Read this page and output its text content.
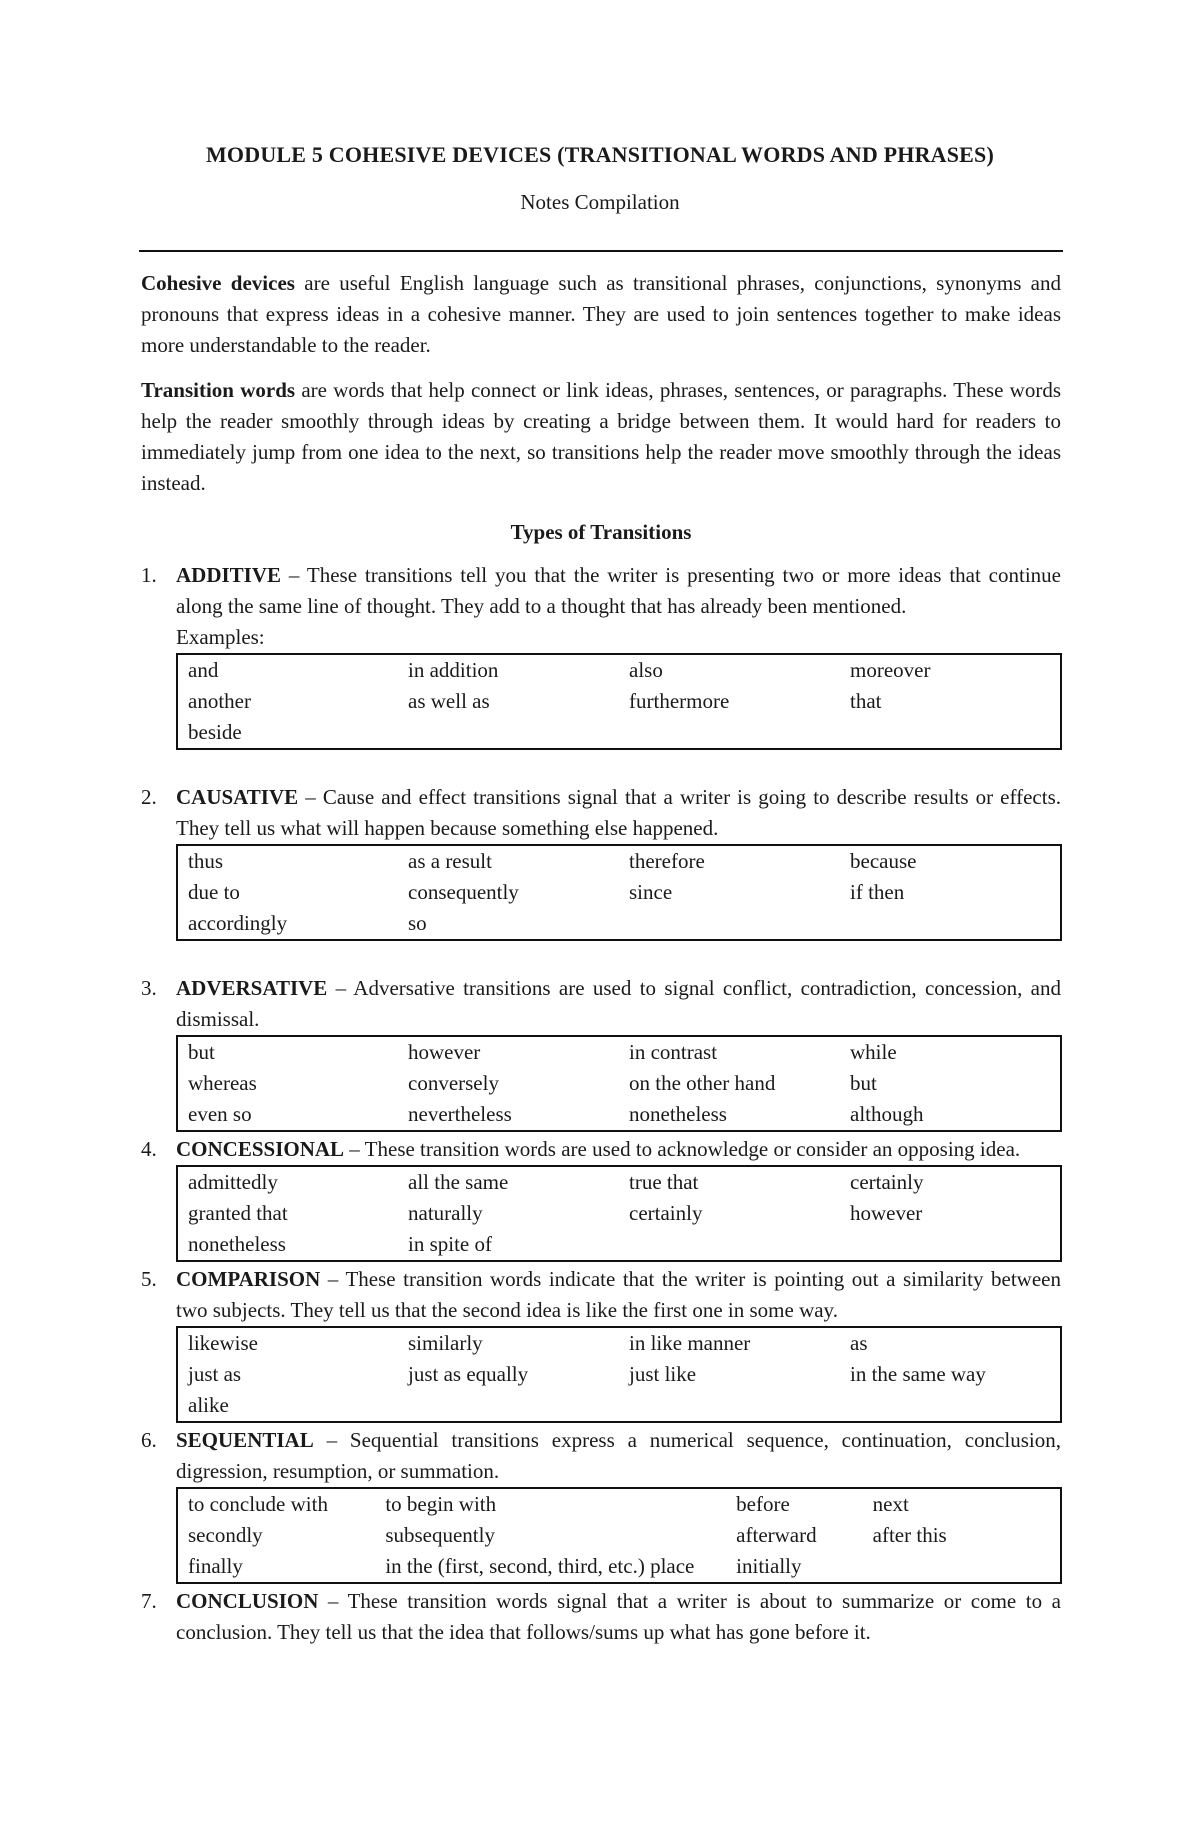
MODULE 5 COHESIVE DEVICES (TRANSITIONAL WORDS AND PHRASES)
Notes Compilation

Cohesive devices are useful English language such as transitional phrases, conjunctions, synonyms and pronouns that express ideas in a cohesive manner. They are used to join sentences together to make ideas more understandable to the reader.

Transition words are words that help connect or link ideas, phrases, sentences, or paragraphs. These words help the reader smoothly through ideas by creating a bridge between them. It would hard for readers to immediately jump from one idea to the next, so transitions help the reader move smoothly through the ideas instead.

Types of Transitions
1. ADDITIVE – These transitions tell you that the writer is presenting two or more ideas that continue along the same line of thought. They add to a thought that has already been mentioned.

Examples:
and	in addition	also	moreover
another	as well as	furthermore	that
beside			
2. CAUSATIVE – Cause and effect transitions signal that a writer is going to describe results or effects. They tell us what will happen because something else happened.

thus	as a result	therefore	because
due to	consequently	since	if then
accordingly	so		
3. ADVERSATIVE – Adversative transitions are used to signal conflict, contradiction, concession, and dismissal.

but	however	in contrast	while
whereas	conversely	on the other hand	but
even so	nevertheless	nonetheless	although
4. CONCESSIONAL – These transition words are used to acknowledge or consider an opposing idea.

admittedly	all the same	true that	certainly
granted that	naturally	certainly	however
nonetheless	in spite of		
5. COMPARISON – These transition words indicate that the writer is pointing out a similarity between two subjects. They tell us that the second idea is like the first one in some way.

likewise	similarly	in like manner	as
just as	just as equally	just like	in the same way
alike			
6. SEQUENTIAL – Sequential transitions express a numerical sequence, continuation, conclusion, digression, resumption, or summation.

to conclude with	to begin with	before	next
secondly	subsequently	afterward	after this
finally	in the (first, second, third, etc.) place	initially	
7. CONCLUSION – These transition words signal that a writer is about to summarize or come to a conclusion. They tell us that the idea that follows/sums up what has gone before it.
